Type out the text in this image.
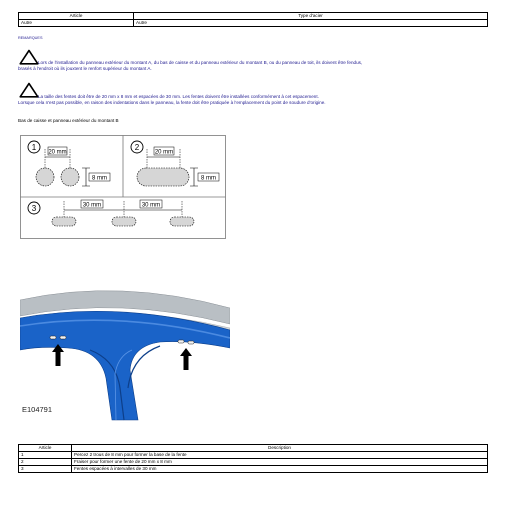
Article	Type d'acier
Autre	Autre
REMARQUES
Lors de l'installation du panneau extérieur du montant A, du bas de caisse et du panneau extérieur du montant B, ou du panneau de toit, ils doivent être fendus,
brasés à l'endroit où ils jouxtent le renfort supérieur du montant A.
La taille des fentes doit être de 20 mm x 8 mm et espacées de 30 mm. Les fentes doivent être installées conformément à cet espacement.
Lorsque cela n'est pas possible, en raison des indentations dans le panneau, la fente doit être pratiquée à l'emplacement du point de soudure d'origine.
Bas de caisse et panneau extérieur du montant B
1
20 mm
8 mm
2
20 mm
8 mm
3	30 mm	30 mm
E104791
Article	Description
1	Percez 2 trous de 8 mm pour former la base de la fente
2	Fraiser pour former une fente de 20 mm x 8 mm
3	Fentes espacées à intervalles de 30 mm
